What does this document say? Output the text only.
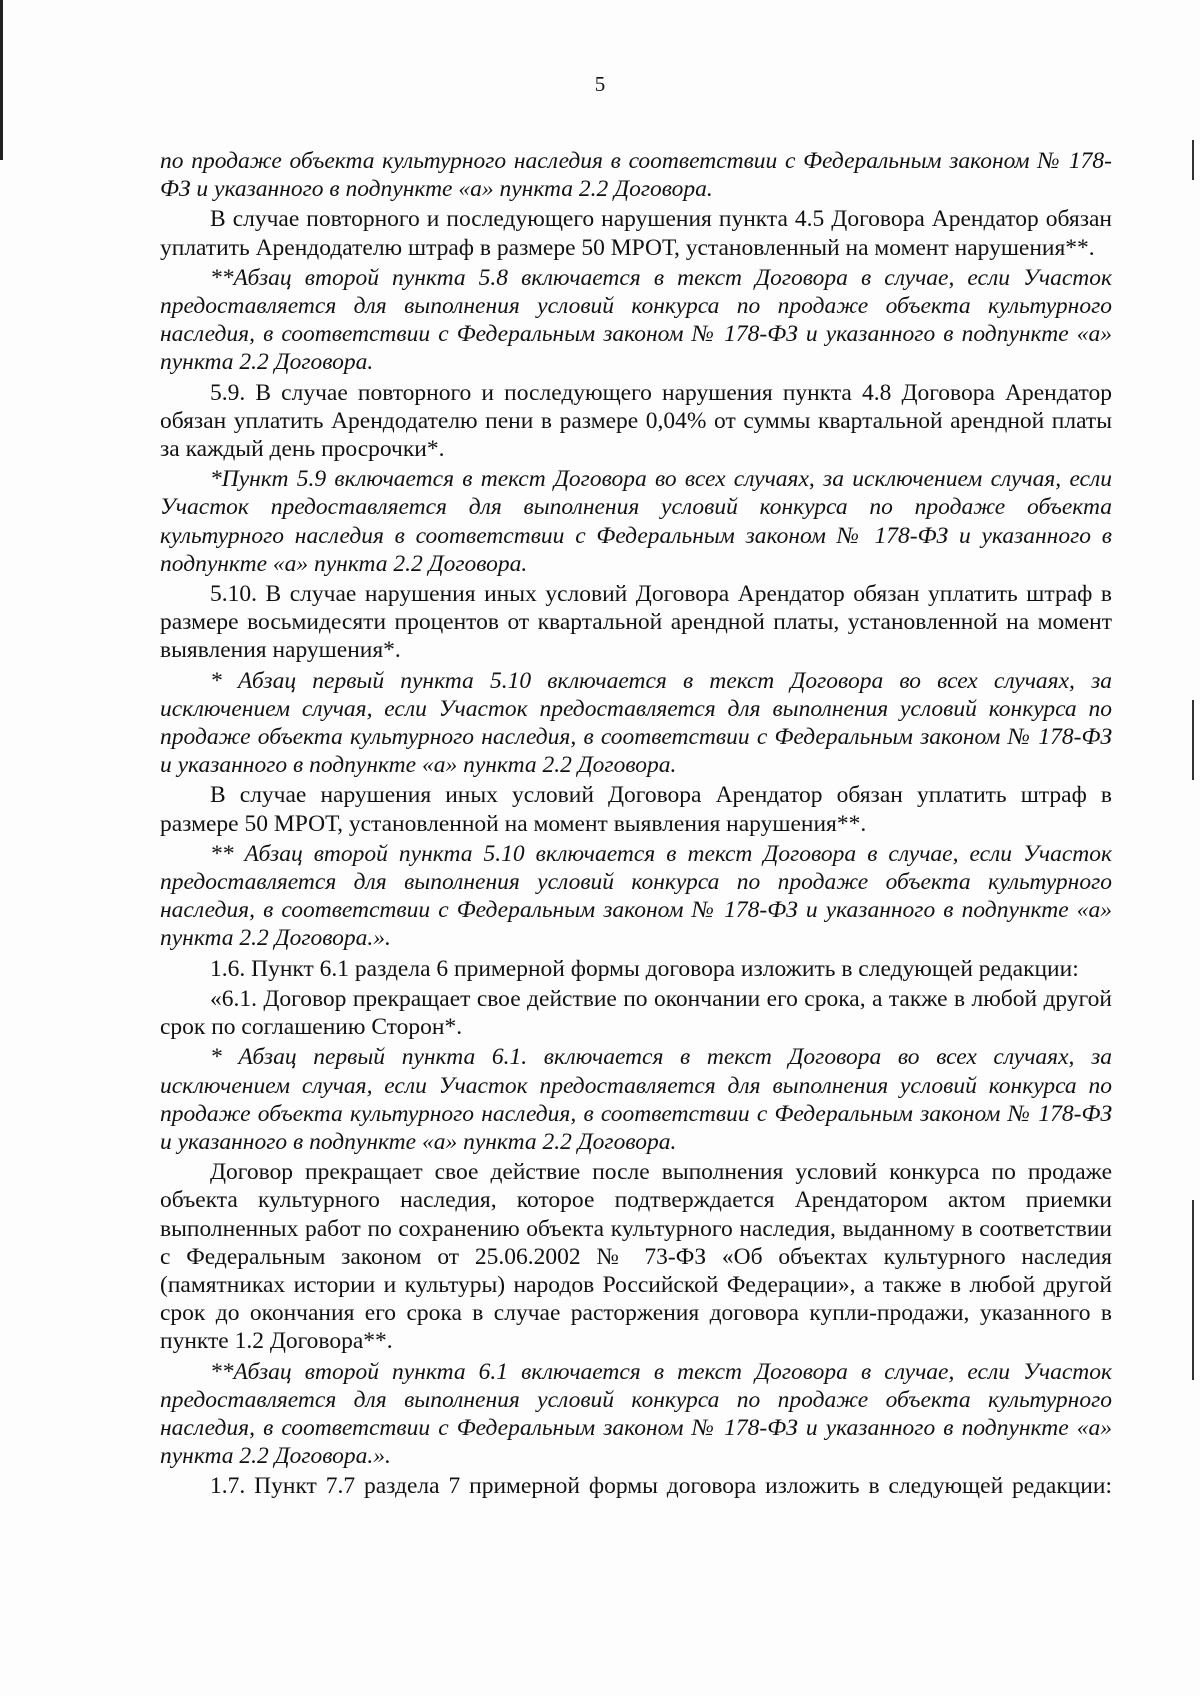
5

по продаже объекта культурного наследия в соответствии с Федеральным законом № 178-ФЗ и указанного в подпункте «а» пункта 2.2 Договора.

В случае повторного и последующего нарушения пункта 4.5 Договора Арендатор обязан уплатить Арендодателю штраф в размере 50 МРОТ, установленный на момент нарушения**.

**Абзац второй пункта 5.8 включается в текст Договора в случае, если Участок предоставляется для выполнения условий конкурса по продаже объекта культурного наследия, в соответствии с Федеральным законом № 178-ФЗ и указанного в подпункте «а» пункта 2.2 Договора.

5.9. В случае повторного и последующего нарушения пункта 4.8 Договора Арендатор обязан уплатить Арендодателю пени в размере 0,04% от суммы квартальной арендной платы за каждый день просрочки*.

*Пункт 5.9 включается в текст Договора во всех случаях, за исключением случая, если Участок предоставляется для выполнения условий конкурса по продаже объекта культурного наследия в соответствии с Федеральным законом № 178-ФЗ и указанного в подпункте «а» пункта 2.2 Договора.

5.10. В случае нарушения иных условий Договора Арендатор обязан уплатить штраф в размере восьмидесяти процентов от квартальной арендной платы, установленной на момент выявления нарушения*.

* Абзац первый пункта 5.10 включается в текст Договора во всех случаях, за исключением случая, если Участок предоставляется для выполнения условий конкурса по продаже объекта культурного наследия, в соответствии с Федеральным законом № 178-ФЗ и указанного в подпункте «а» пункта 2.2 Договора.

В случае нарушения иных условий Договора Арендатор обязан уплатить штраф в размере 50 МРОТ, установленной на момент выявления нарушения**.

** Абзац второй пункта 5.10 включается в текст Договора в случае, если Участок предоставляется для выполнения условий конкурса по продаже объекта культурного наследия, в соответствии с Федеральным законом № 178-ФЗ и указанного в подпункте «а» пункта 2.2 Договора.».

1.6. Пункт 6.1 раздела 6 примерной формы договора изложить в следующей редакции:

«6.1. Договор прекращает свое действие по окончании его срока, а также в любой другой срок по соглашению Сторон*.

* Абзац первый пункта 6.1. включается в текст Договора во всех случаях, за исключением случая, если Участок предоставляется для выполнения условий конкурса по продаже объекта культурного наследия, в соответствии с Федеральным законом № 178-ФЗ и указанного в подпункте «а» пункта 2.2 Договора.

Договор прекращает свое действие после выполнения условий конкурса по продаже объекта культурного наследия, которое подтверждается Арендатором актом приемки выполненных работ по сохранению объекта культурного наследия, выданному в соответствии с Федеральным законом от 25.06.2002 № 73-ФЗ «Об объектах культурного наследия (памятниках истории и культуры) народов Российской Федерации», а также в любой другой срок до окончания его срока в случае расторжения договора купли-продажи, указанного в пункте 1.2 Договора**.

**Абзац второй пункта 6.1 включается в текст Договора в случае, если Участок предоставляется для выполнения условий конкурса по продаже объекта культурного наследия, в соответствии с Федеральным законом № 178-ФЗ и указанного в подпункте «а» пункта 2.2 Договора.».

1.7. Пункт 7.7 раздела 7 примерной формы договора изложить в следующей редакции:
